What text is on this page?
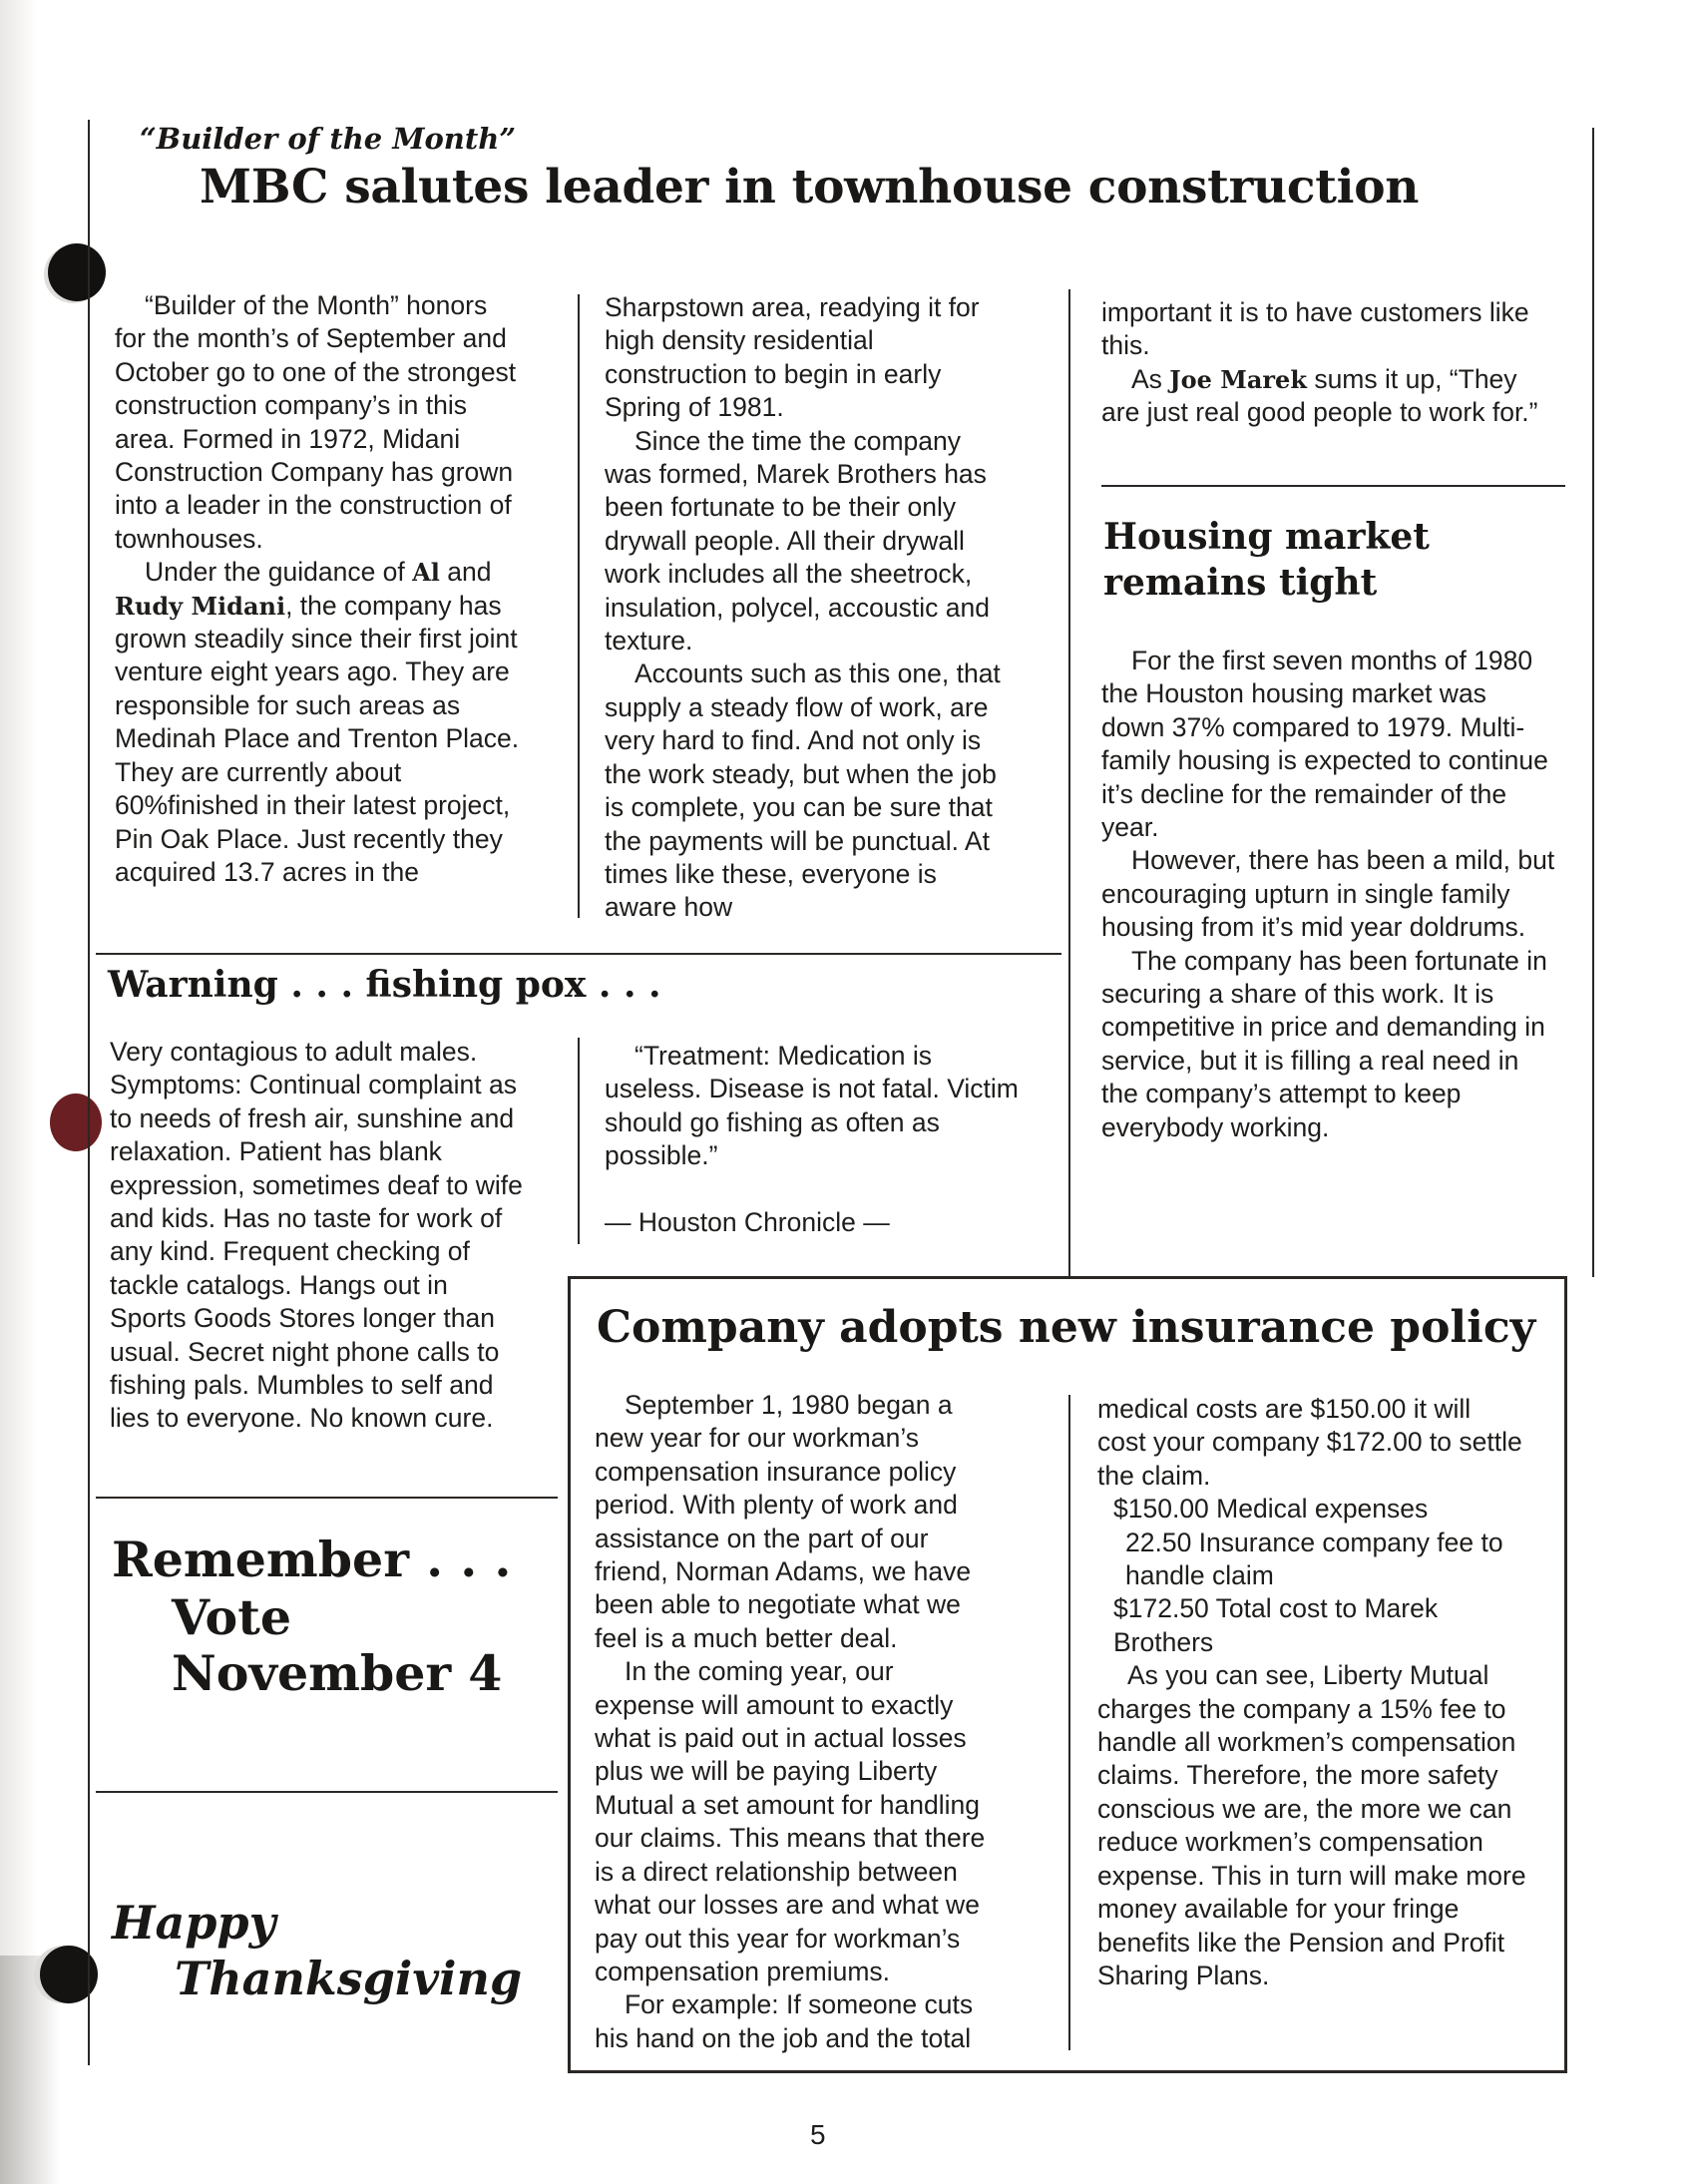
“Builder of the Month”
MBC salutes leader in townhouse construction

“Builder of the Month” honors for the month’s of September and October go to one of the strongest construction company’s in this area. Formed in 1972, Midani Construction Company has grown into a leader in the construction of townhouses.

Under the guidance of Al and Rudy Midani, the company has grown steadily since their first joint venture eight years ago. They are responsible for such areas as Medinah Place and Trenton Place. They are currently about 60%finished in their latest project, Pin Oak Place. Just recently they acquired 13.7 acres in the

Sharpstown area, readying it for high density residential construction to begin in early Spring of 1981.

Since the time the company was formed, Marek Brothers has been fortunate to be their only drywall people. All their drywall work includes all the sheetrock, insulation, polycel, accoustic and texture.

Accounts such as this one, that supply a steady flow of work, are very hard to find. And not only is the work steady, but when the job is complete, you can be sure that the payments will be punctual. At times like these, everyone is aware how

important it is to have customers like this.

As Joe Marek sums it up, “They are just real good people to work for.”

Housing market remains tight

For the first seven months of 1980 the Houston housing market was down 37% compared to 1979. Multi-family housing is expected to continue it’s decline for the remainder of the year.

However, there has been a mild, but encouraging upturn in single family housing from it’s mid year doldrums.

The company has been fortunate in securing a share of this work. It is competitive in price and demanding in service, but it is filling a real need in the company’s attempt to keep everybody working.

Warning . . . fishing pox . . .

Very contagious to adult males. Symptoms: Continual complaint as to needs of fresh air, sunshine and relaxation. Patient has blank expression, sometimes deaf to wife and kids. Has no taste for work of any kind. Frequent checking of tackle catalogs. Hangs out in Sports Goods Stores longer than usual. Secret night phone calls to fishing pals. Mumbles to self and lies to everyone. No known cure.

“Treatment: Medication is useless. Disease is not fatal. Victim should go fishing as often as possible.”

— Houston Chronicle —

Remember . . .
Vote
November 4
Happy
Thanksgiving
Company adopts new insurance policy

September 1, 1980 began a new year for our workman’s compensation insurance policy period. With plenty of work and assistance on the part of our friend, Norman Adams, we have been able to negotiate what we feel is a much better deal.

In the coming year, our expense will amount to exactly what is paid out in actual losses plus we will be paying Liberty Mutual a set amount for handling our claims. This means that there is a direct relationship between what our losses are and what we pay out this year for workman’s compensation premiums.

For example: If someone cuts his hand on the job and the total

medical costs are $150.00 it will cost your company $172.00 to settle the claim.

$150.00 Medical expenses

22.50 Insurance company fee to handle claim

$172.50 Total cost to Marek Brothers

As you can see, Liberty Mutual charges the company a 15% fee to handle all workmen’s compensation claims. Therefore, the more safety conscious we are, the more we can reduce workmen’s compensation expense. This in turn will make more money available for your fringe benefits like the Pension and Profit Sharing Plans.

5
